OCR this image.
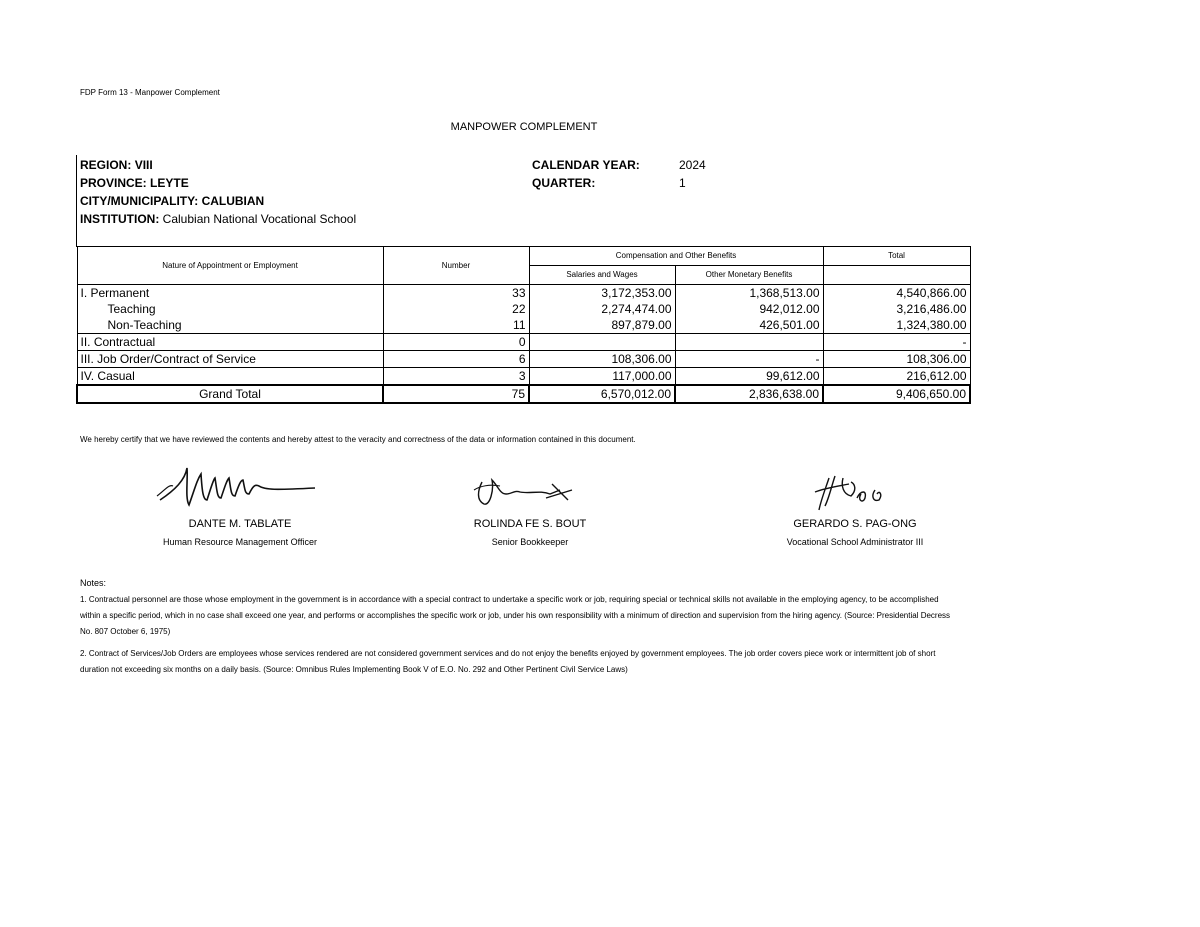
FDP Form 13 - Manpower Complement
MANPOWER COMPLEMENT
REGION: VIII
PROVINCE: LEYTE
CITY/MUNICIPALITY: CALUBIAN
INSTITUTION: Calubian National Vocational School
CALENDAR YEAR:	2024
QUARTER:	1
Nature of Appointment or Employment	Number	Compensation and Other Benefits		Total
		Salaries and Wages	Other Monetary Benefits	
I. Permanent	33	3,172,353.00	1,368,513.00	4,540,866.00
Teaching	22	2,274,474.00	942,012.00	3,216,486.00
Non-Teaching	11	897,879.00	426,501.00	1,324,380.00
II. Contractual	0			-
III. Job Order/Contract of Service	6	108,306.00	-	108,306.00
IV. Casual	3	117,000.00	99,612.00	216,612.00
Grand Total	75	6,570,012.00	2,836,638.00	9,406,650.00
We hereby certify that we have reviewed the contents and hereby attest to the veracity and correctness of the data or information contained in this document.
DANTE M. TABLATE
Human Resource Management Officer
ROLINDA FE S. BOUT
Senior Bookkeeper
GERARDO S. PAG-ONG
Vocational School Administrator III
Notes:
1. Contractual personnel are those whose employment in the government is in accordance with a special contract to undertake a specific work or job, requiring special or technical skills not available in the employing agency, to be accomplished within a specific period, which in no case shall exceed one year, and performs or accomplishes the specific work or job, under his own responsibility with a minimum of direction and supervision from the hiring agency. (Source: Presidential Decress No. 807 October 6, 1975)
2. Contract of Services/Job Orders are employees whose services rendered are not considered government services and do not enjoy the benefits enjoyed by government employees. The job order covers piece work or intermittent job of short duration not exceeding six months on a daily basis. (Source: Omnibus Rules Implementing Book V of E.O. No. 292 and Other Pertinent Civil Service Laws)
